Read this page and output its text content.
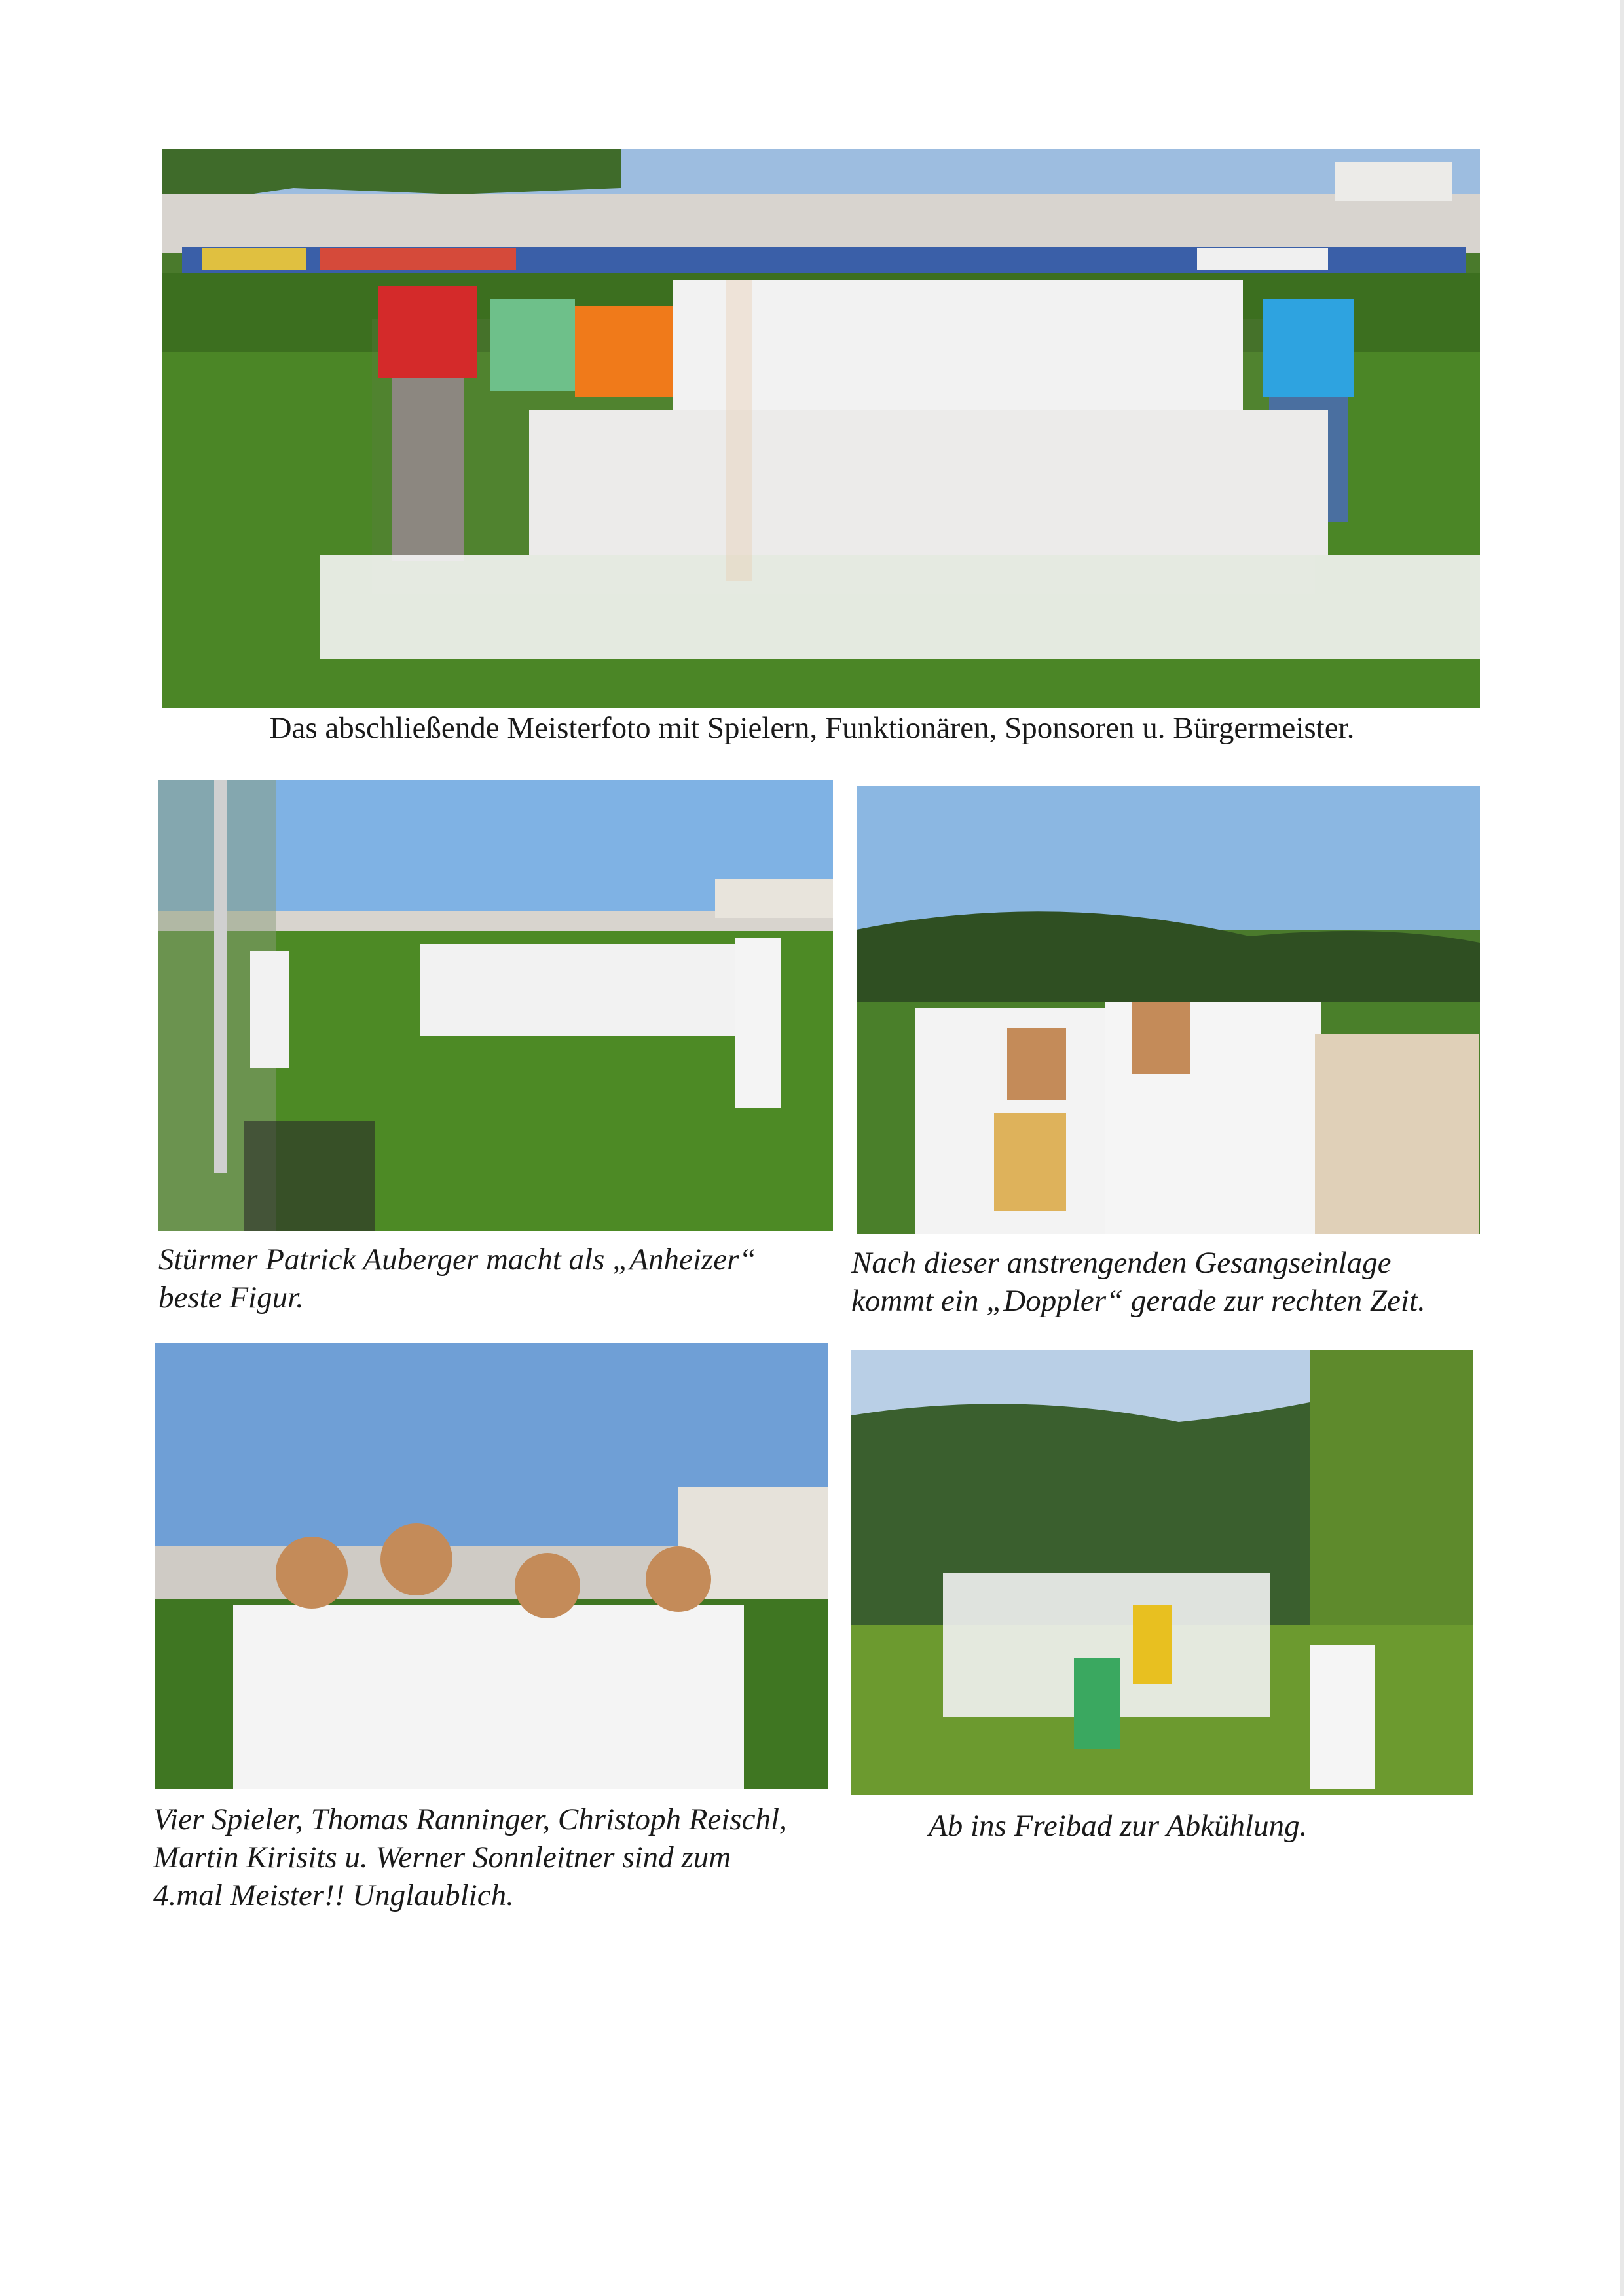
Das abschließende Meisterfoto mit Spielern, Funktionären, Sponsoren u. Bürgermeister.

Stürmer Patrick Auberger macht als „Anheizer“
beste Figur.

Nach dieser anstrengenden Gesangseinlage
kommt ein „Doppler“ gerade zur rechten Zeit.

Vier Spieler, Thomas Ranninger, Christoph Reischl,
Martin Kirisits u. Werner Sonnleitner sind zum
4.mal Meister!! Unglaublich.

Ab ins Freibad zur Abkühlung.
